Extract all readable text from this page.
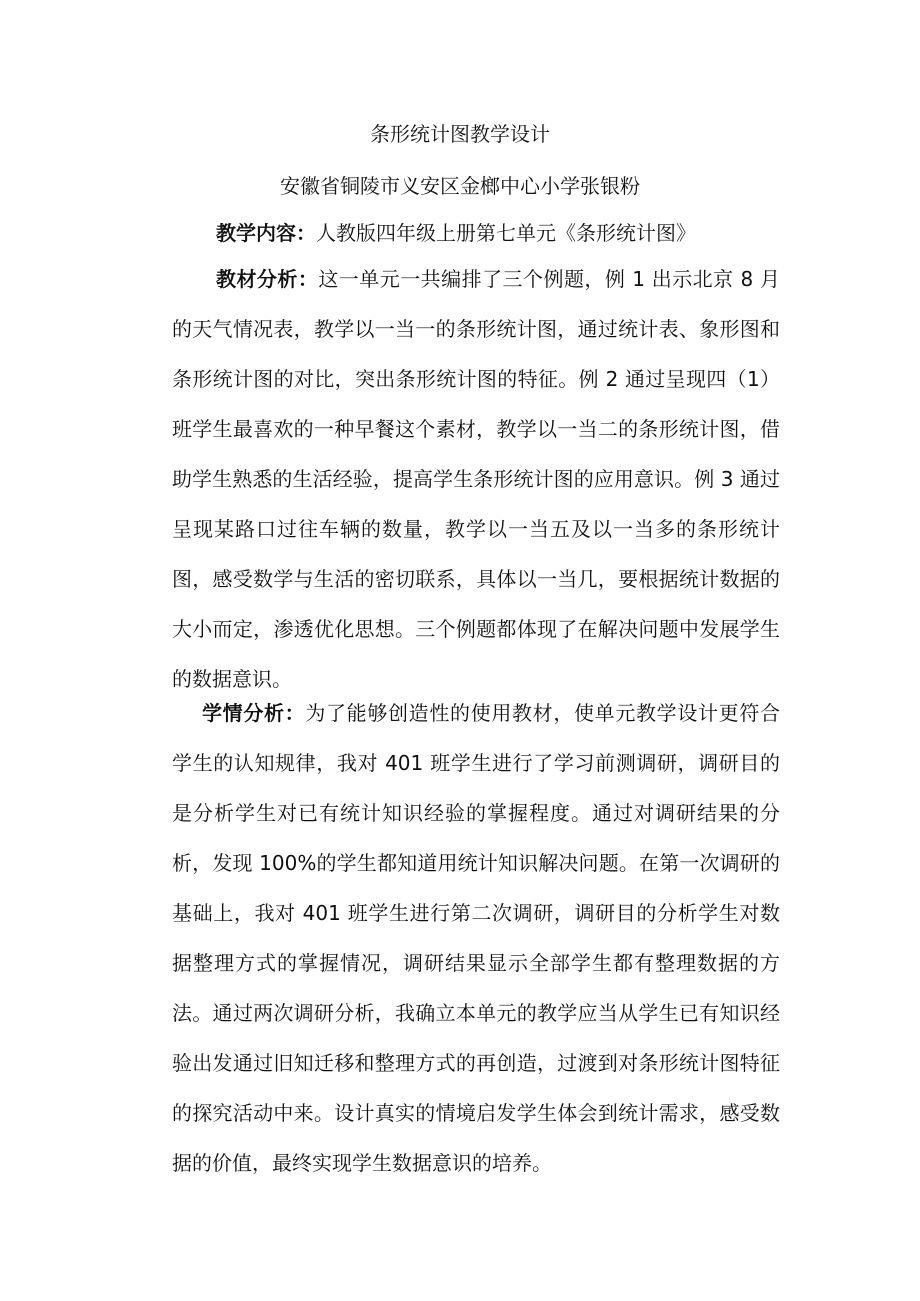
条形统计图教学设计
安徽省铜陵市义安区金榔中心小学张银粉

教学内容：人教版四年级上册第七单元《条形统计图》

教材分析：这一单元一共编排了三个例题，例 1 出示北京 8 月的天气情况表，教学以一当一的条形统计图，通过统计表、象形图和条形统计图的对比，突出条形统计图的特征。例 2 通过呈现四（1）班学生最喜欢的一种早餐这个素材，教学以一当二的条形统计图，借助学生熟悉的生活经验，提高学生条形统计图的应用意识。例 3 通过呈现某路口过往车辆的数量，教学以一当五及以一当多的条形统计图，感受数学与生活的密切联系，具体以一当几，要根据统计数据的大小而定，渗透优化思想。三个例题都体现了在解决问题中发展学生的数据意识。

学情分析：为了能够创造性的使用教材，使单元教学设计更符合学生的认知规律，我对 401 班学生进行了学习前测调研，调研目的是分析学生对已有统计知识经验的掌握程度。通过对调研结果的分析，发现 100%的学生都知道用统计知识解决问题。在第一次调研的基础上，我对 401 班学生进行第二次调研，调研目的分析学生对数据整理方式的掌握情况，调研结果显示全部学生都有整理数据的方法。通过两次调研分析，我确立本单元的教学应当从学生已有知识经验出发通过旧知迁移和整理方式的再创造，过渡到对条形统计图特征的探究活动中来。设计真实的情境启发学生体会到统计需求，感受数据的价值，最终实现学生数据意识的培养。
